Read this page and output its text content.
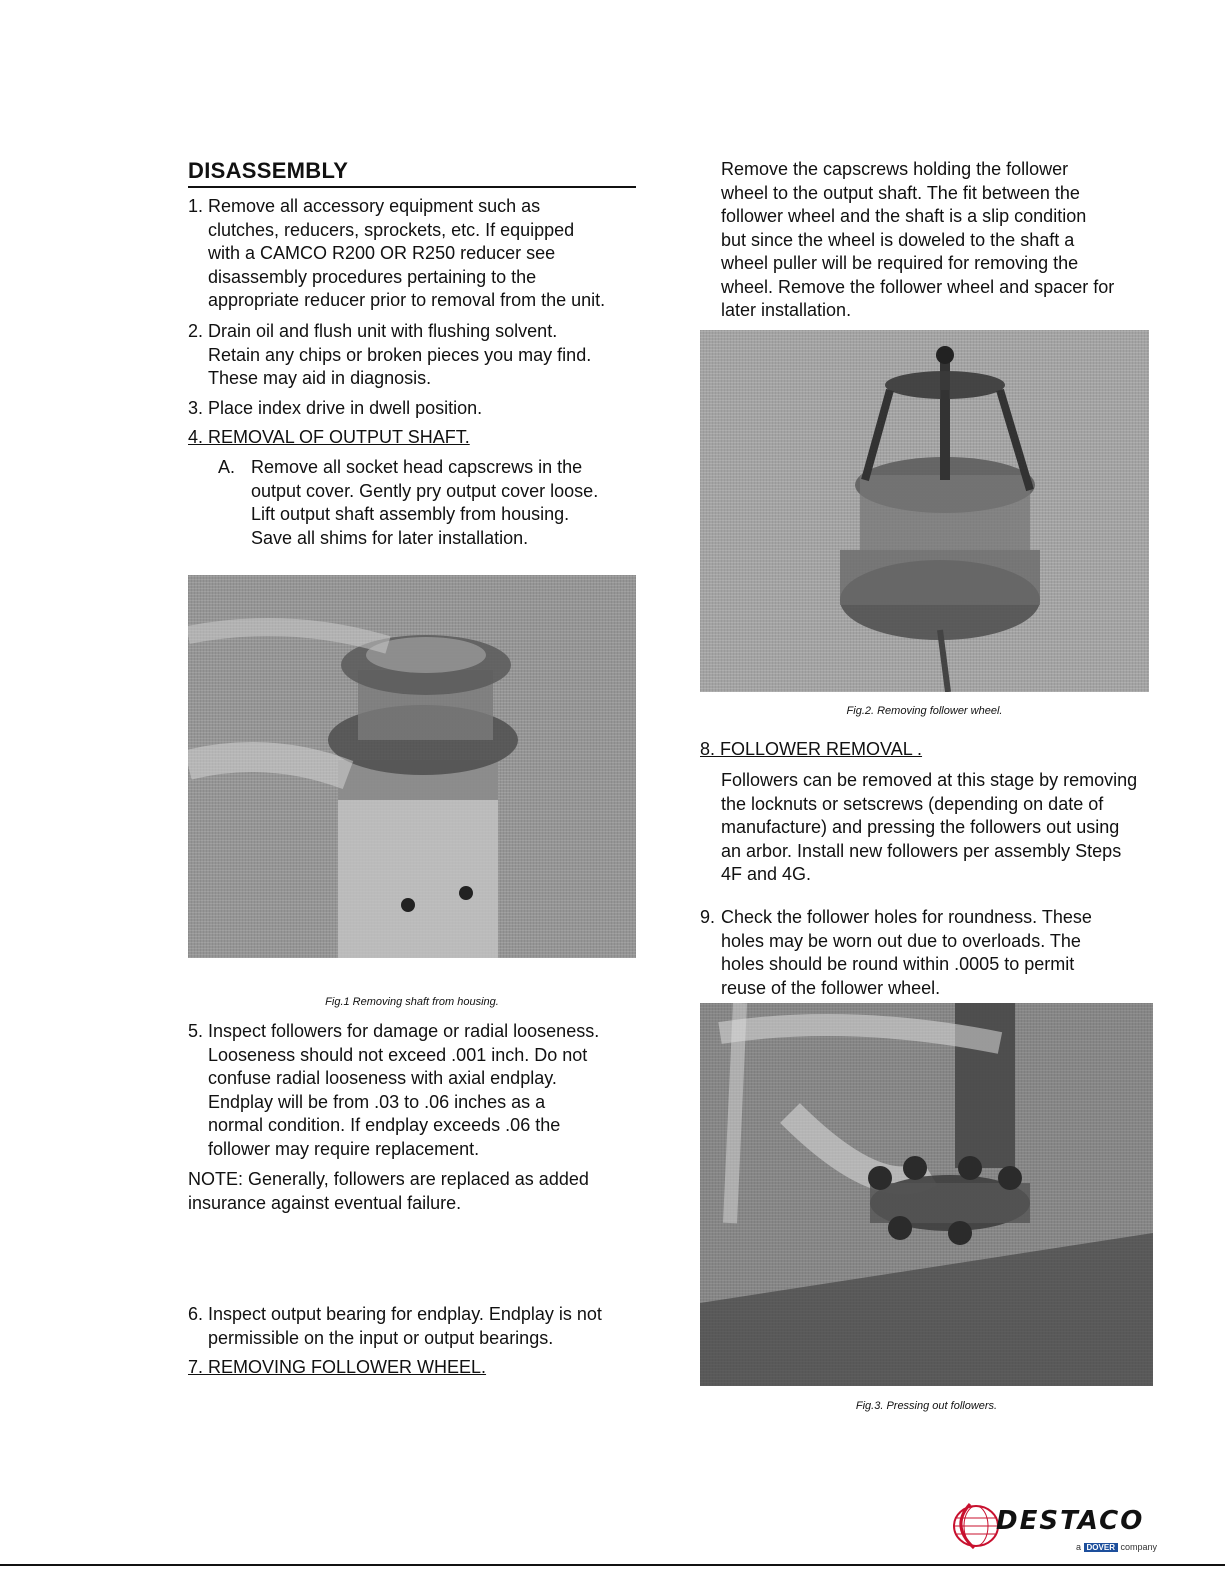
DISASSEMBLY
1. Remove all accessory equipment such as
clutches, reducers, sprockets, etc. If equipped
with a CAMCO R200 OR R250 reducer see
disassembly procedures pertaining to the
appropriate reducer prior to removal from the unit.
2. Drain oil and flush unit with flushing solvent.
Retain any chips or broken pieces you may find.
These may aid in diagnosis.
3. Place index drive in dwell position.
4. REMOVAL OF OUTPUT SHAFT.
A. Remove all socket head capscrews in the
output cover. Gently pry output cover loose.
Lift output shaft assembly from housing.
Save all shims for later installation.
Fig.1 Removing shaft from housing.
5. Inspect followers for damage or radial looseness.
Looseness should not exceed .001 inch. Do not
confuse radial looseness with axial endplay.
Endplay will be from .03 to .06 inches as a
normal condition. If endplay exceeds .06 the
follower may require replacement.
NOTE: Generally, followers are replaced as added
insurance against eventual failure.
6. Inspect output bearing for endplay. Endplay is not
permissible on the input or output bearings.
7. REMOVING FOLLOWER WHEEL.
Remove the capscrews holding the follower
wheel to the output shaft. The fit between the
follower wheel and the shaft is a slip condition
but since the wheel is doweled to the shaft a
wheel puller will be required for removing the
wheel. Remove the follower wheel and spacer for
later installation.
Fig.2. Removing follower wheel.
8. FOLLOWER REMOVAL .
Followers can be removed at this stage by removing
the locknuts or setscrews (depending on date of
manufacture) and pressing the followers out using
an arbor. Install new followers per assembly Steps
4F and 4G.
9. Check the follower holes for roundness. These
holes may be worn out due to overloads. The
holes should be round within .0005 to permit
reuse of the follower wheel.
Fig.3. Pressing out followers.
DESTACO
a DOVER company
